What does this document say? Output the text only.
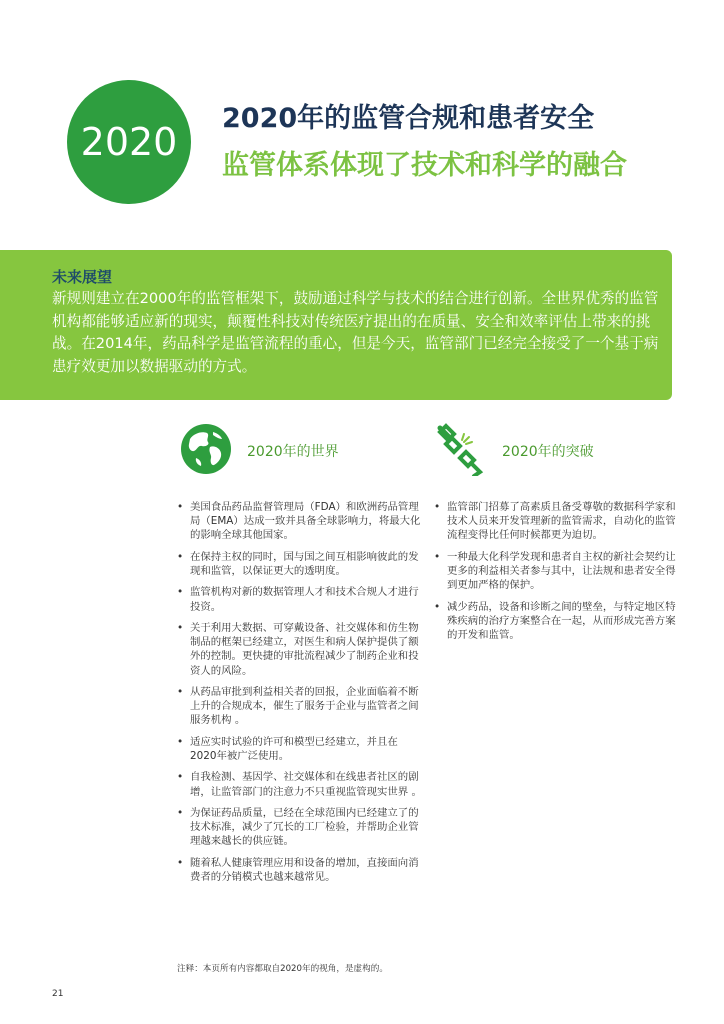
2020
2020年的监管合规和患者安全
监管体系体现了技术和科学的融合
未来展望
新规则建立在2000年的监管框架下，鼓励通过科学与技术的结合进行创新。全世界优秀的监管机构都能够适应新的现实，颠覆性科技对传统医疗提出的在质量、安全和效率评估上带来的挑战。在2014年，药品科学是监管流程的重心，但是今天，监管部门已经完全接受了一个基于病患疗效更加以数据驱动的方式。
2020年的世界	2020年的突破
• 美国食品药品监督管理局（FDA）和欧洲药品管理局（EMA）达成一致并具备全球影响力，将最大化的影响全球其他国家。
• 在保持主权的同时，国与国之间互相影响彼此的发现和监管，以保证更大的透明度。
• 监管机构对新的数据管理人才和技术合规人才进行投资。
• 关于利用大数据、可穿戴设备、社交媒体和仿生物制品的框架已经建立，对医生和病人保护提供了额外的控制。更快捷的审批流程减少了制药企业和投资人的风险。
• 从药品审批到利益相关者的回报，企业面临着不断上升的合规成本，催生了服务于企业与监管者之间服务机构 。
• 适应实时试验的许可和模型已经建立，并且在2020年被广泛使用。
• 自我检测、基因学、社交媒体和在线患者社区的剧增，让监管部门的注意力不只重视监管现实世界 。
• 为保证药品质量，已经在全球范围内已经建立了的技术标准，减少了冗长的工厂检验，并帮助企业管理越来越长的供应链。
• 随着私人健康管理应用和设备的增加，直接面向消费者的分销模式也越来越常见。
• 监管部门招募了高素质且备受尊敬的数据科学家和技术人员来开发管理新的监管需求，自动化的监管流程变得比任何时候都更为迫切。
• 一种最大化科学发现和患者自主权的新社会契约让更多的利益相关者参与其中，让法规和患者安全得到更加严格的保护。
• 减少药品，设备和诊断之间的壁垒，与特定地区特殊疾病的治疗方案整合在一起，从而形成完善方案的开发和监管。
注释：本页所有内容都取自2020年的视角，是虚构的。
21
